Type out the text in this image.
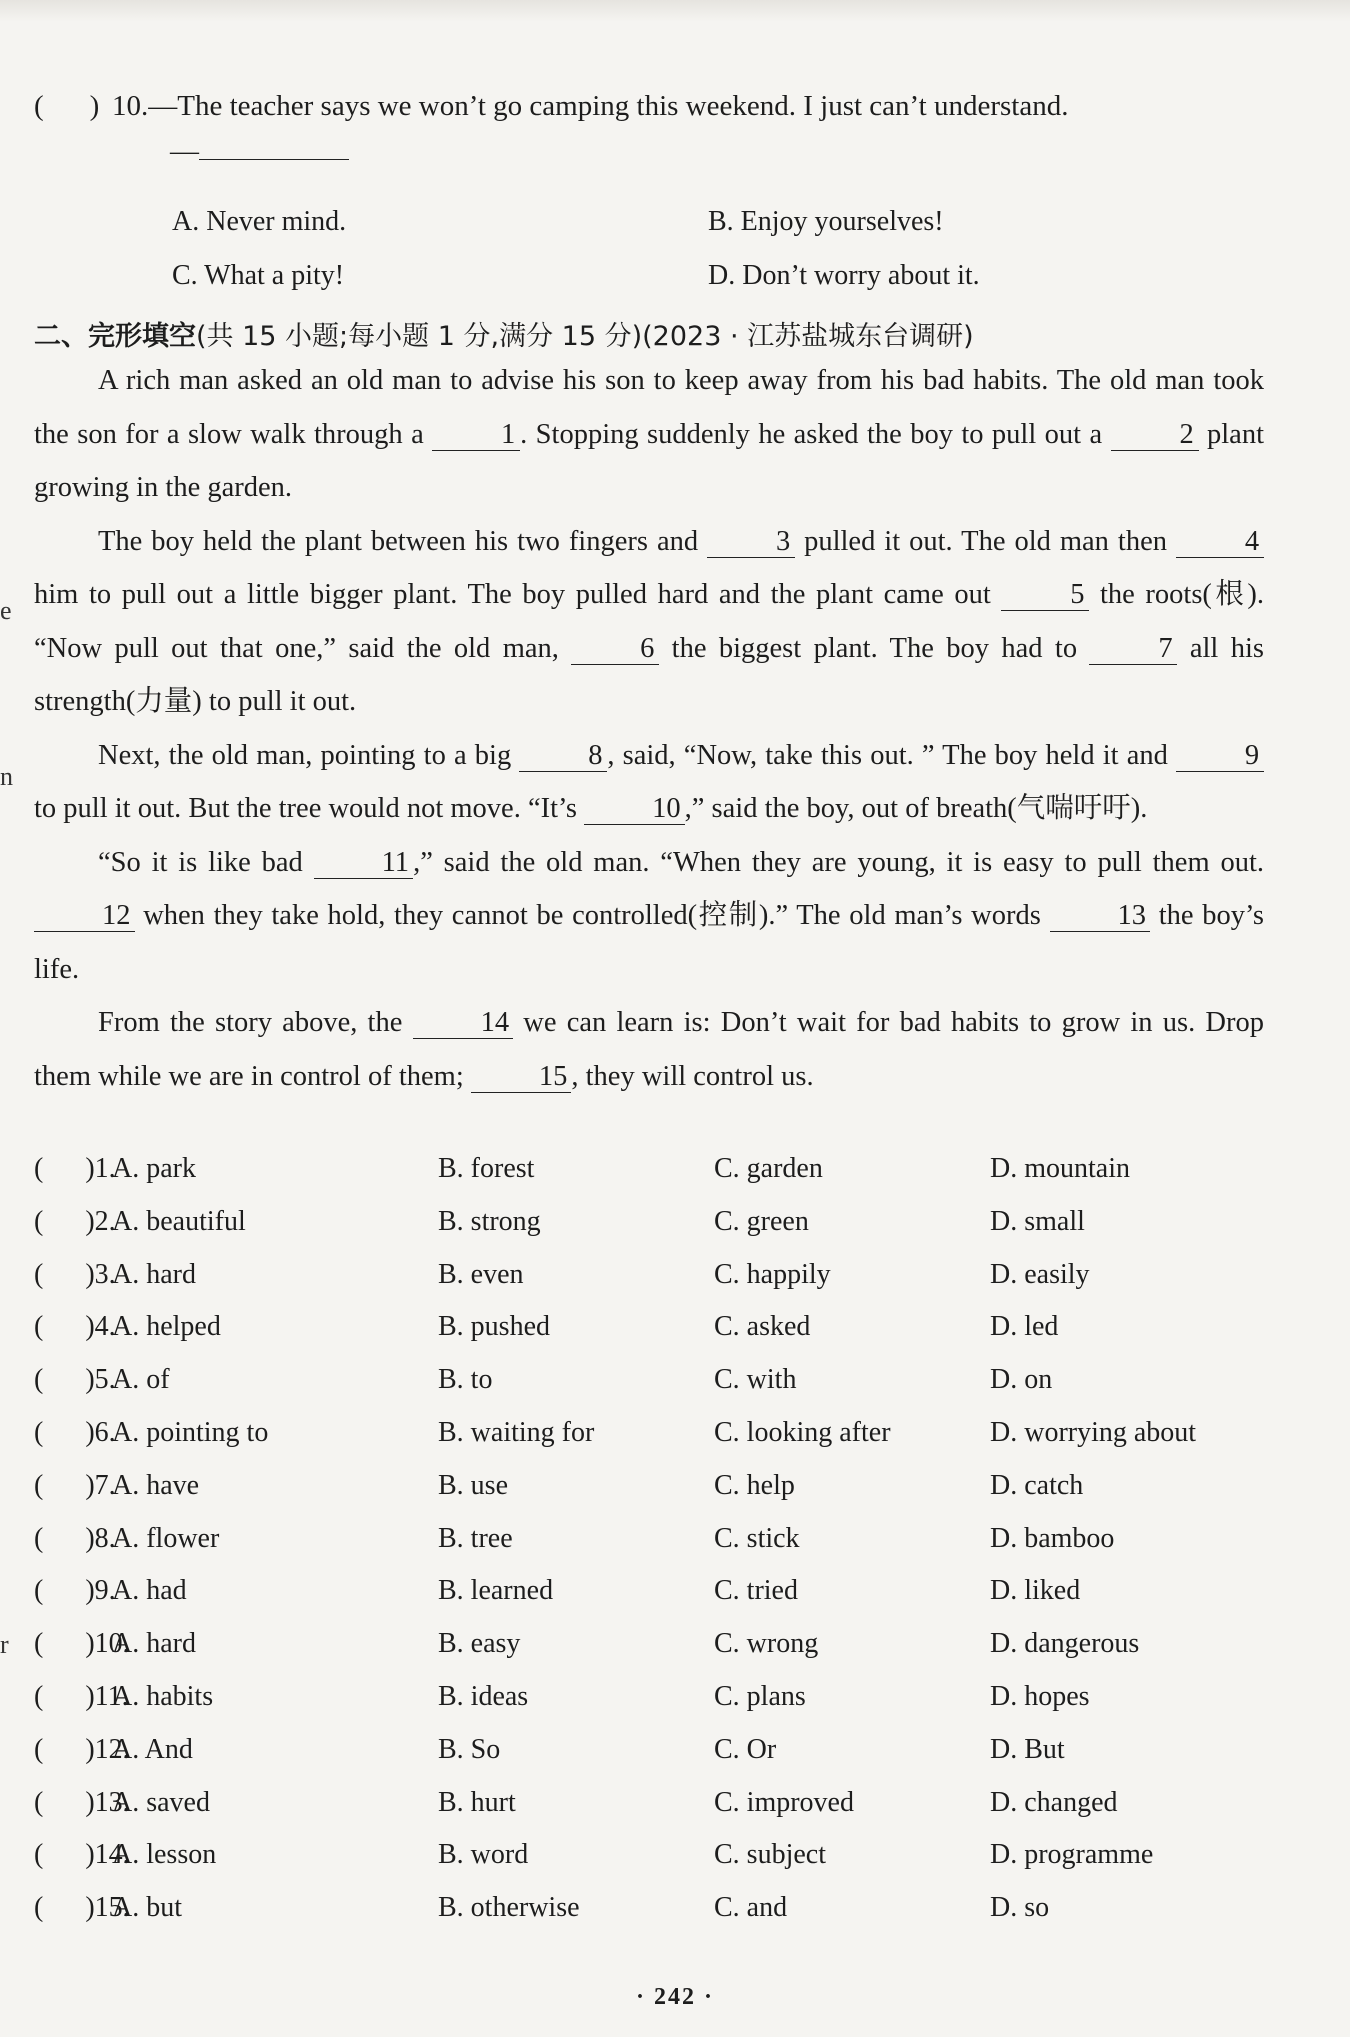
e
n
r
( ) 10. —The teacher says we won’t go camping this weekend. I just can’t understand.
—
A. Never mind.	B. Enjoy yourselves!
C. What a pity!	D. Don’t worry about it.
二、完形填空(共 15 小题;每小题 1 分,满分 15 分)(2023 · 江苏盐城东台调研)

A rich man asked an old man to advise his son to keep away from his bad habits. The old man took the son for a slow walk through a 1 . Stopping suddenly he asked the boy to pull out a 2 plant growing in the garden.

The boy held the plant between his two fingers and 3 pulled it out. The old man then 4 him to pull out a little bigger plant. The boy pulled hard and the plant came out 5 the roots(根). “Now pull out that one,” said the old man, 6 the biggest plant. The boy had to 7 all his strength(力量) to pull it out.

Next, the old man, pointing to a big 8 , said, “Now, take this out. ” The boy held it and 9 to pull it out. But the tree would not move. “It’s 10 ,” said the boy, out of breath(气喘吁吁).

“So it is like bad 11 ,” said the old man. “When they are young, it is easy to pull them out. 12 when they take hold, they cannot be controlled(控制).” The old man’s words 13 the boy’s life.

From the story above, the 14 we can learn is: Don’t wait for bad habits to grow in us. Drop them while we are in control of them; 15 , they will control us.

(      )1.
A. park	B. forest	C. garden	D. mountain
(      )2.
A. beautiful	B. strong	C. green	D. small
(      )3.
A. hard	B. even	C. happily	D. easily
(      )4.
A. helped	B. pushed	C. asked	D. led
(      )5.
A. of	B. to	C. with	D. on
(      )6.
A. pointing to	B. waiting for	C. looking after	D. worrying about
(      )7.
A. have	B. use	C. help	D. catch
(      )8.
A. flower	B. tree	C. stick	D. bamboo
(      )9.
A. had	B. learned	C. tried	D. liked
(      )10.
A. hard	B. easy	C. wrong	D. dangerous
(      )11.
A. habits	B. ideas	C. plans	D. hopes
(      )12.
A. And	B. So	C. Or	D. But
(      )13.
A. saved	B. hurt	C. improved	D. changed
(      )14.
A. lesson	B. word	C. subject	D. programme
(      )15.
A. but	B. otherwise	C. and	D. so
· 242 ·
